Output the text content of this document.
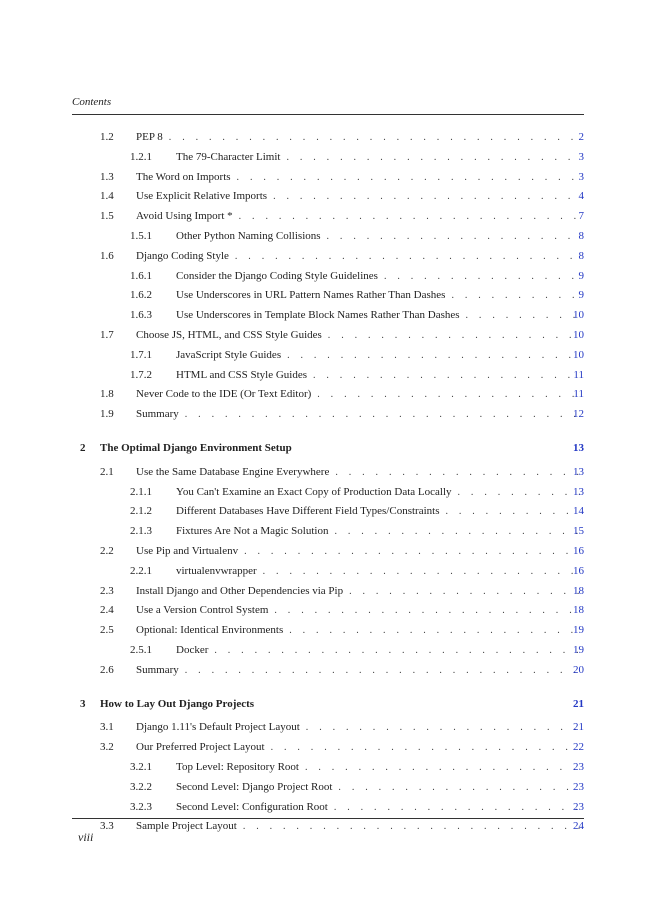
Contents
1.2 PEP 8 . . .	2
1.2.1 The 79-Character Limit . . .	3
1.3 The Word on Imports . . .	3
1.4 Use Explicit Relative Imports . . .	4
1.5 Avoid Using Import * . . .	7
1.5.1 Other Python Naming Collisions . . .	8
1.6 Django Coding Style . . .	8
1.6.1 Consider the Django Coding Style Guidelines . . .	9
1.6.2 Use Underscores in URL Pattern Names Rather Than Dashes . . .	9
1.6.3 Use Underscores in Template Block Names Rather Than Dashes . . .	10
1.7 Choose JS, HTML, and CSS Style Guides . . .	10
1.7.1 JavaScript Style Guides . . .	10
1.7.2 HTML and CSS Style Guides . . .	11
1.8 Never Code to the IDE (Or Text Editor) . . .	11
1.9 Summary . . .	12
2 The Optimal Django Environment Setup	13
2.1 Use the Same Database Engine Everywhere . . .	13
2.1.1 You Can't Examine an Exact Copy of Production Data Locally . . .	13
2.1.2 Different Databases Have Different Field Types/Constraints . . .	14
2.1.3 Fixtures Are Not a Magic Solution . . .	15
2.2 Use Pip and Virtualenv . . .	16
2.2.1 virtualenvwrapper . . .	16
2.3 Install Django and Other Dependencies via Pip . . .	18
2.4 Use a Version Control System . . .	18
2.5 Optional: Identical Environments . . .	19
2.5.1 Docker . . .	19
2.6 Summary . . .	20
3 How to Lay Out Django Projects	21
3.1 Django 1.11's Default Project Layout . . .	21
3.2 Our Preferred Project Layout . . .	22
3.2.1 Top Level: Repository Root . . .	23
3.2.2 Second Level: Django Project Root . . .	23
3.2.3 Second Level: Configuration Root . . .	23
3.3 Sample Project Layout . . .	24
viii
